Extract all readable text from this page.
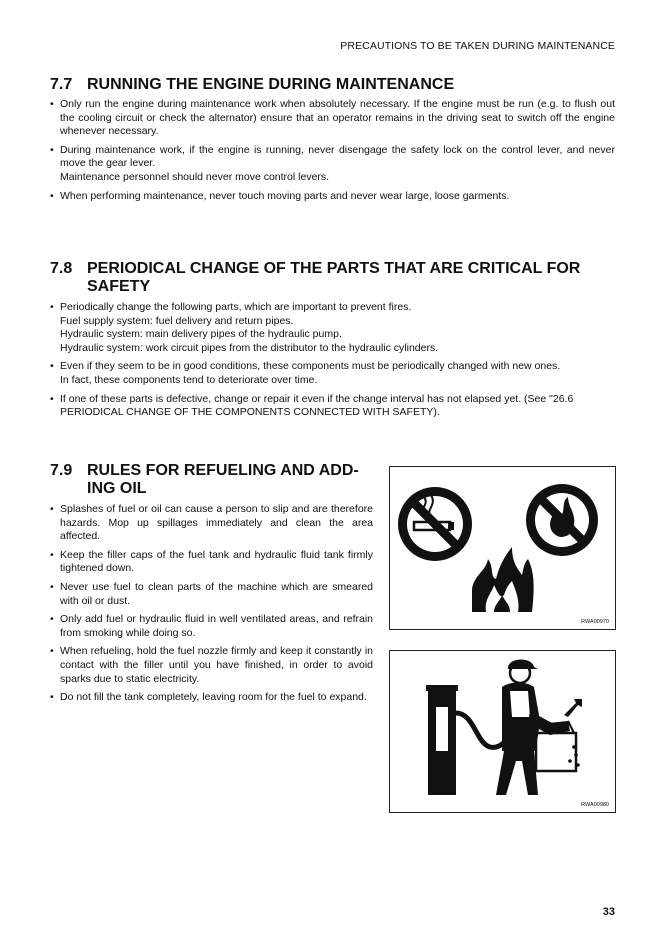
PRECAUTIONS TO BE TAKEN DURING MAINTENANCE
7.7 RUNNING THE ENGINE DURING MAINTENANCE
• Only run the engine during maintenance work when absolutely necessary. If the engine must be run (e.g. to flush out the cooling circuit or check the alternator) ensure that an operator remains in the driving seat to switch off the engine whenever necessary.
• During maintenance work, if the engine is running, never disengage the safety lock on the control lever, and never move the gear lever.
Maintenance personnel should never move control levers.
• When performing maintenance, never touch moving parts and never wear large, loose garments.
7.8 PERIODICAL CHANGE OF THE PARTS THAT ARE CRITICAL FOR
SAFETY
• Periodically change the following parts, which are important to prevent fires.
Fuel supply system: fuel delivery and return pipes.
Hydraulic system: main delivery pipes of the hydraulic pump.
Hydraulic system: work circuit pipes from the distributor to the hydraulic cylinders.
• Even if they seem to be in good conditions, these components must be periodically changed with new ones.
In fact, these components tend to deteriorate over time.
• If one of these parts is defective, change or repair it even if the change interval has not elapsed yet. (See "26.6 PERIODICAL CHANGE OF THE COMPONENTS CONNECTED WITH SAFETY).
7.9 RULES FOR REFUELING AND ADD-
ING OIL
• Splashes of fuel or oil can cause a person to slip and are therefore hazards. Mop up spillages immediately and clean the area affected.
• Keep the filler caps of the fuel tank and hydraulic fluid tank firmly tightened down.
• Never use fuel to clean parts of the machine which are smeared with oil or dust.
• Only add fuel or hydraulic fluid in well ventilated areas, and refrain from smoking while doing so.
• When refueling, hold the fuel nozzle firmly and keep it constantly in contact with the filler until you have finished, in order to avoid sparks due to static electricity.
• Do not fill the tank completely, leaving room for the fuel to expand.
RWA00970
RWA00980
33
